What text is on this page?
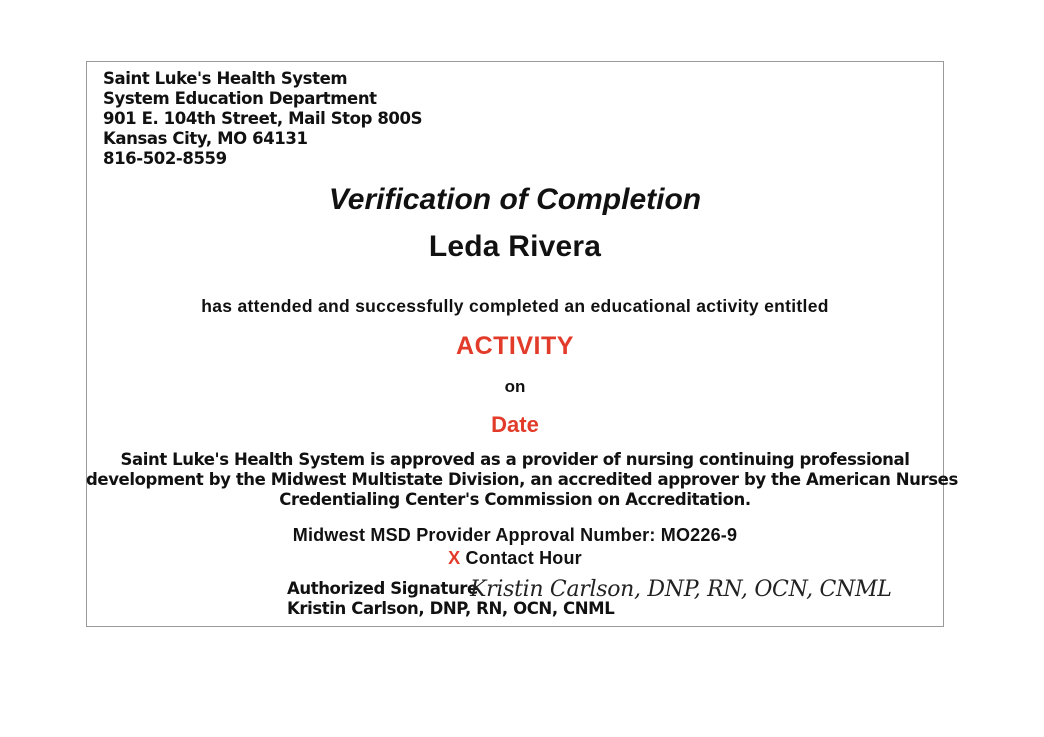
Saint Luke's Health System
System Education Department
901 E. 104th Street, Mail Stop 800S
Kansas City, MO 64131
816-502-8559
Verification of Completion
Leda Rivera
has attended and successfully completed an educational activity entitled
ACTIVITY
on
Date
Saint Luke's Health System is approved as a provider of nursing continuing professional
development by the Midwest Multistate Division, an accredited approver by the American Nurses
Credentialing Center's Commission on Accreditation.
Midwest MSD Provider Approval Number: MO226-9
X Contact Hour
Authorized Signature
Kristin Carlson, DNP, RN, OCN, CNML
Kristin Carlson, DNP, RN, OCN, CNML
